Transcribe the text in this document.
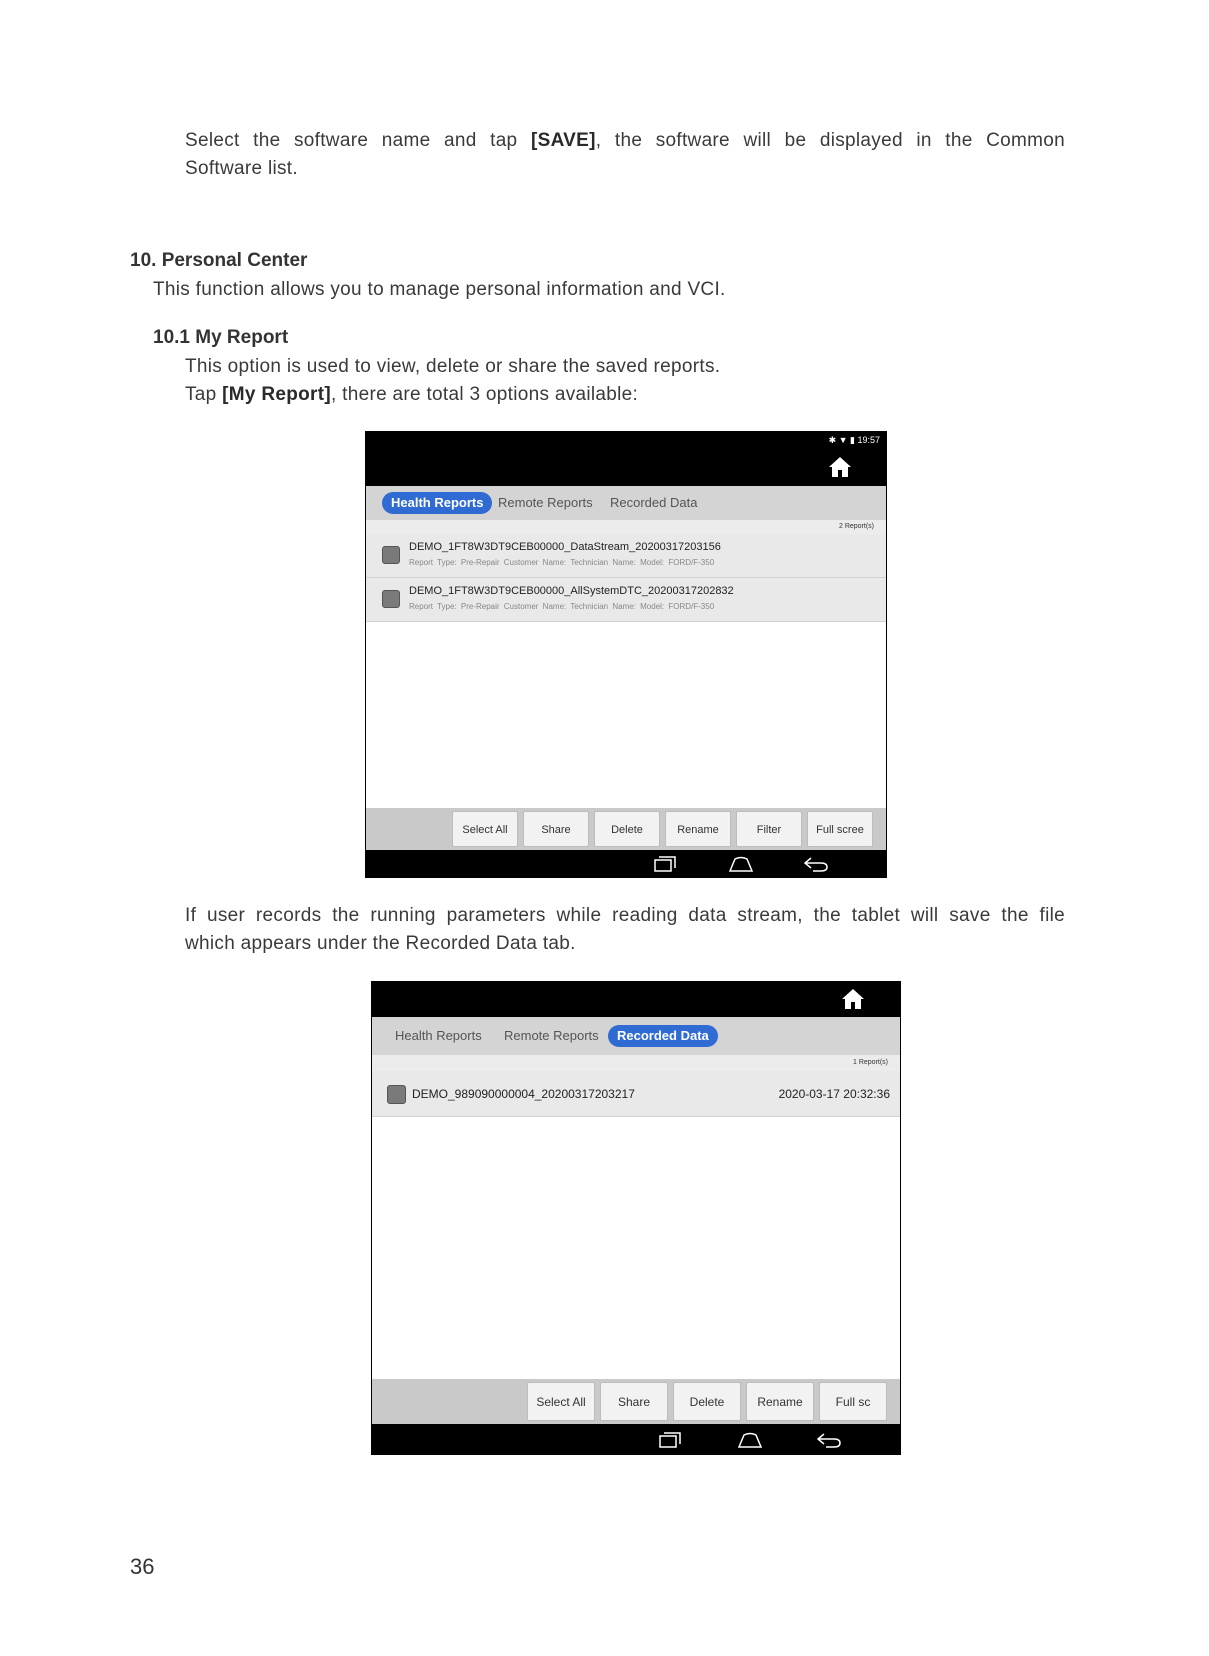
Select the software name and tap [SAVE], the software will be displayed in the Common
Software list.
10. Personal Center
This function allows you to manage personal information and VCI.
10.1 My Report
This option is used to view, delete or share the saved reports.
Tap [My Report], there are total 3 options available:
✱ ▼ ▮ 19:57
Health Reports	Remote Reports	Recorded Data
2 Report(s)
DEMO_1FT8W3DT9CEB00000_DataStream_20200317203156
Report Type: Pre-Repair Customer Name: Technician Name: Model: FORD/F-350
DEMO_1FT8W3DT9CEB00000_AllSystemDTC_20200317202832
Report Type: Pre-Repair Customer Name: Technician Name: Model: FORD/F-350
Select All	Share	Delete	Rename	Filter	Full scree
If user records the running parameters while reading data stream, the tablet will save the file
which appears under the Recorded Data tab.
Health Reports	Remote Reports	Recorded Data
1 Report(s)
DEMO_989090000004_20200317203217	2020-03-17 20:32:36
Select All	Share	Delete	Rename	Full sc
36
